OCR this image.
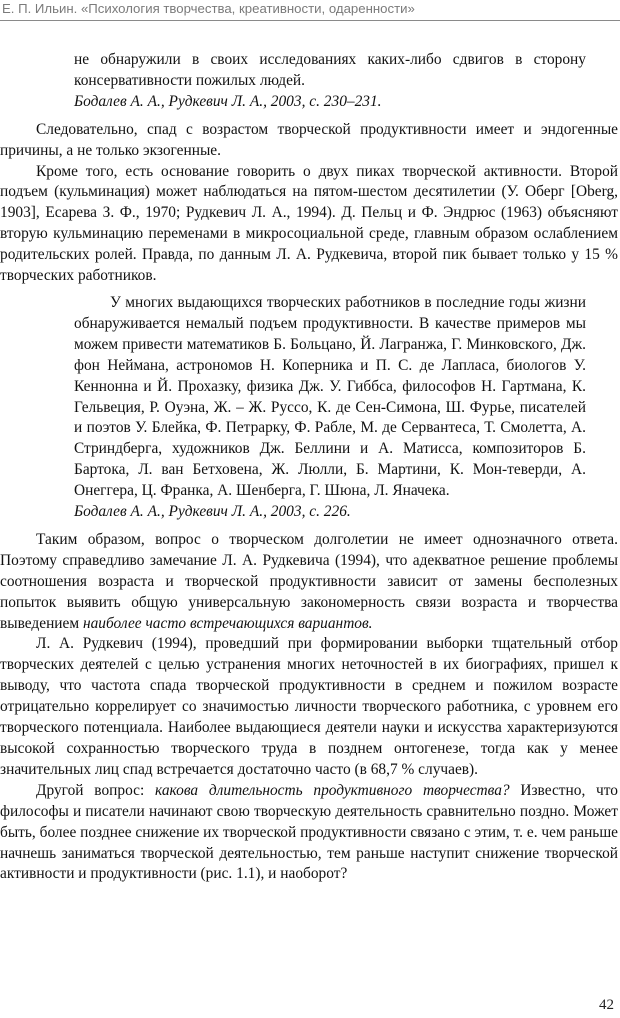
Е. П. Ильин. «Психология творчества, креативности, одаренности»

не обнаружили в своих исследованиях каких-либо сдвигов в сторону консервативности пожилых людей.

Бодалев А. А., Рудкевич Л. А., 2003, с. 230–231.

Следовательно, спад с возрастом творческой продуктивности имеет и эндогенные причины, а не только экзогенные.

Кроме того, есть основание говорить о двух пиках творческой активности. Второй подъем (кульминация) может наблюдаться на пятом-шестом десятилетии (У. Оберг [Oberg, 1903], Есарева З. Ф., 1970; Рудкевич Л. А., 1994). Д. Пельц и Ф. Эндрюс (1963) объясняют вторую кульминацию переменами в микросоциальной среде, главным образом ослаблением родительских ролей. Правда, по данным Л. А. Рудкевича, второй пик бывает только у 15 % творческих работников.

У многих выдающихся творческих работников в последние годы жизни обнаруживается немалый подъем продуктивности. В качестве примеров мы можем привести математиков Б. Больцано, Й. Лагранжа, Г. Минковского, Дж. фон Неймана, астрономов Н. Коперника и П. С. де Лапласа, биологов У. Кеннонна и Й. Прохазку, физика Дж. У. Гиббса, философов Н. Гартмана, К. Гельвеция, Р. Оуэна, Ж. – Ж. Руссо, К. де Сен-Симона, Ш. Фурье, писателей и поэтов У. Блейка, Ф. Петрарку, Ф. Рабле, М. де Сервантеса, Т. Смолетта, А. Стриндберга, художников Дж. Беллини и А. Матисса, композиторов Б. Бартока, Л. ван Бетховена, Ж. Люлли, Б. Мартини, К. Мон-теверди, А. Онеггера, Ц. Франка, А. Шенберга, Г. Шюна, Л. Яначека.

Бодалев А. А., Рудкевич Л. А., 2003, с. 226.

Таким образом, вопрос о творческом долголетии не имеет однозначного ответа. Поэтому справедливо замечание Л. А. Рудкевича (1994), что адекватное решение проблемы соотношения возраста и творческой продуктивности зависит от замены бесполезных попыток выявить общую универсальную закономерность связи возраста и творчества выведением наиболее часто встречающихся вариантов.

Л. А. Рудкевич (1994), проведший при формировании выборки тщательный отбор творческих деятелей с целью устранения многих неточностей в их биографиях, пришел к выводу, что частота спада творческой продуктивности в среднем и пожилом возрасте отрицательно коррелирует со значимостью личности творческого работника, с уровнем его творческого потенциала. Наиболее выдающиеся деятели науки и искусства характеризуются высокой сохранностью творческого труда в позднем онтогенезе, тогда как у менее значительных лиц спад встречается достаточно часто (в 68,7 % случаев).

Другой вопрос: какова длительность продуктивного творчества? Известно, что философы и писатели начинают свою творческую деятельность сравнительно поздно. Может быть, более позднее снижение их творческой продуктивности связано с этим, т. е. чем раньше начнешь заниматься творческой деятельностью, тем раньше наступит снижение творческой активности и продуктивности (рис. 1.1), и наоборот?

42
